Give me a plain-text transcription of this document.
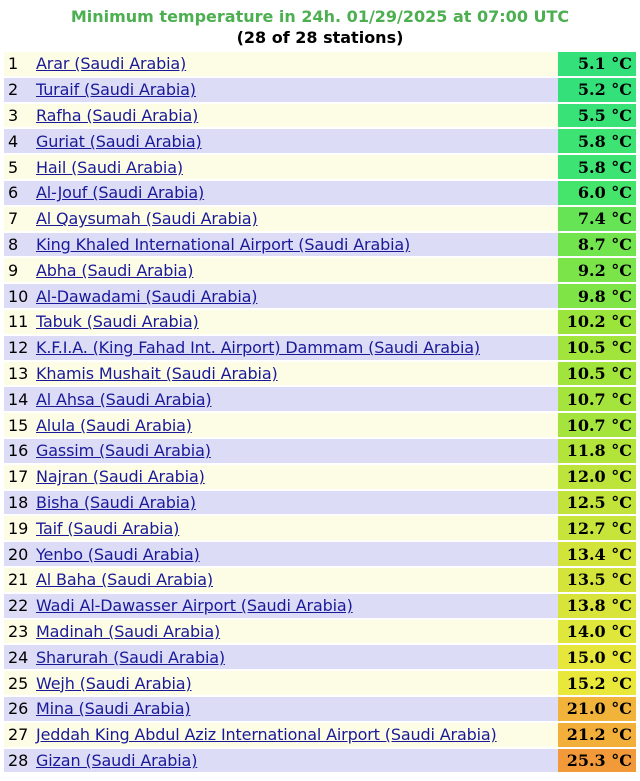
Minimum temperature in 24h. 01/29/2025 at 07:00 UTC
(28 of 28 stations)
1	Arar (Saudi Arabia)	5.1 °C
2	Turaif (Saudi Arabia)	5.2 °C
3	Rafha (Saudi Arabia)	5.5 °C
4	Guriat (Saudi Arabia)	5.8 °C
5	Hail (Saudi Arabia)	5.8 °C
6	Al-Jouf (Saudi Arabia)	6.0 °C
7	Al Qaysumah (Saudi Arabia)	7.4 °C
8	King Khaled International Airport (Saudi Arabia)	8.7 °C
9	Abha (Saudi Arabia)	9.2 °C
10	Al-Dawadami (Saudi Arabia)	9.8 °C
11	Tabuk (Saudi Arabia)	10.2 °C
12	K.F.I.A. (King Fahad Int. Airport) Dammam (Saudi Arabia)	10.5 °C
13	Khamis Mushait (Saudi Arabia)	10.5 °C
14	Al Ahsa (Saudi Arabia)	10.7 °C
15	Alula (Saudi Arabia)	10.7 °C
16	Gassim (Saudi Arabia)	11.8 °C
17	Najran (Saudi Arabia)	12.0 °C
18	Bisha (Saudi Arabia)	12.5 °C
19	Taif (Saudi Arabia)	12.7 °C
20	Yenbo (Saudi Arabia)	13.4 °C
21	Al Baha (Saudi Arabia)	13.5 °C
22	Wadi Al-Dawasser Airport (Saudi Arabia)	13.8 °C
23	Madinah (Saudi Arabia)	14.0 °C
24	Sharurah (Saudi Arabia)	15.0 °C
25	Wejh (Saudi Arabia)	15.2 °C
26	Mina (Saudi Arabia)	21.0 °C
27	Jeddah King Abdul Aziz International Airport (Saudi Arabia)	21.2 °C
28	Gizan (Saudi Arabia)	25.3 °C
